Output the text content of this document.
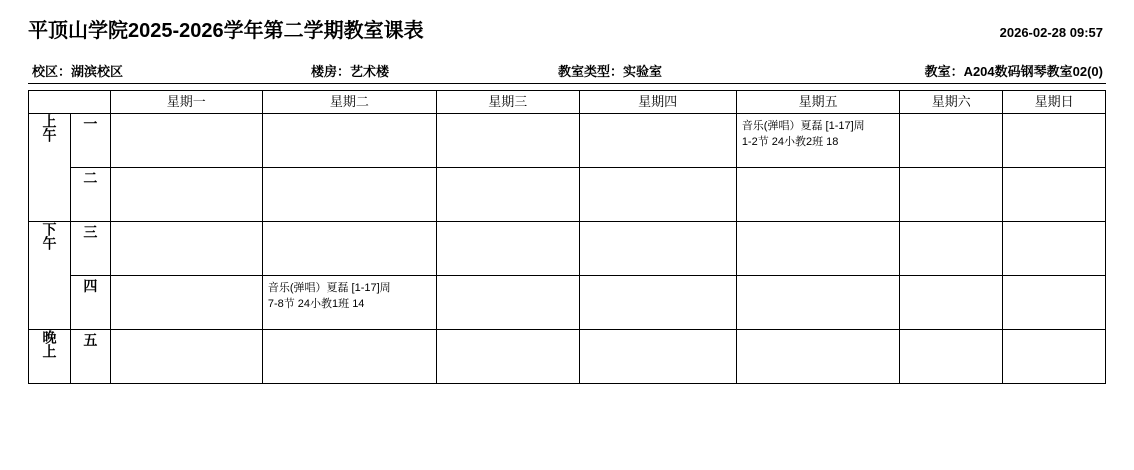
平顶山学院2025-2026学年第二学期教室课表	2026-02-28 09:57
校区：湖滨校区	楼房：艺术楼	教室类型：实验室	教室：A204数码钢琴教室02(0)
		星期一	星期二	星期三	星期四	星期五	星期六	星期日
上午	一					音乐(弹唱）夏磊 [1-17]周
1-2节 24小教2班 18		

	二							
下午	三							
	四		音乐(弹唱）夏磊 [1-17]周
7-8节 24小教1班 14					

晚上	五							
